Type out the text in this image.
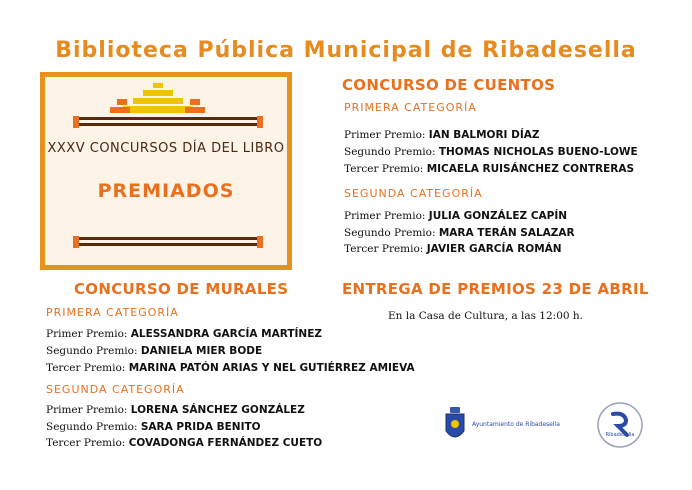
Biblioteca Pública Municipal de Ribadesella
XXXV CONCURSOS DÍA DEL LIBRO
PREMIADOS
CONCURSO DE CUENTOS
PRIMERA CATEGORÍA
Primer Premio: IAN BALMORI DÍAZ
Segundo Premio: THOMAS NICHOLAS BUENO-LOWE
Tercer Premio: MICAELA RUISÁNCHEZ CONTRERAS
SEGUNDA CATEGORÍA
Primer Premio: JULIA GONZÁLEZ CAPÍN
Segundo Premio: MARA TERÁN SALAZAR
Tercer Premio: JAVIER GARCÍA ROMÁN
ENTREGA DE PREMIOS 23 DE ABRIL
En la Casa de Cultura, a las 12:00 h.
CONCURSO DE MURALES
PRIMERA CATEGORÍA
Primer Premio: ALESSANDRA GARCÍA MARTÍNEZ
Segundo Premio: DANIELA MIER BODE
Tercer Premio: MARINA PATÓN ARIAS Y NEL GUTIÉRREZ AMIEVA
SEGUNDA CATEGORÍA
Primer Premio: LORENA SÁNCHEZ GONZÁLEZ
Segundo Premio: SARA PRIDA BENITO
Tercer Premio: COVADONGA FERNÁNDEZ CUETO
Ayuntamiento de Ribadesella
Ribadesella
